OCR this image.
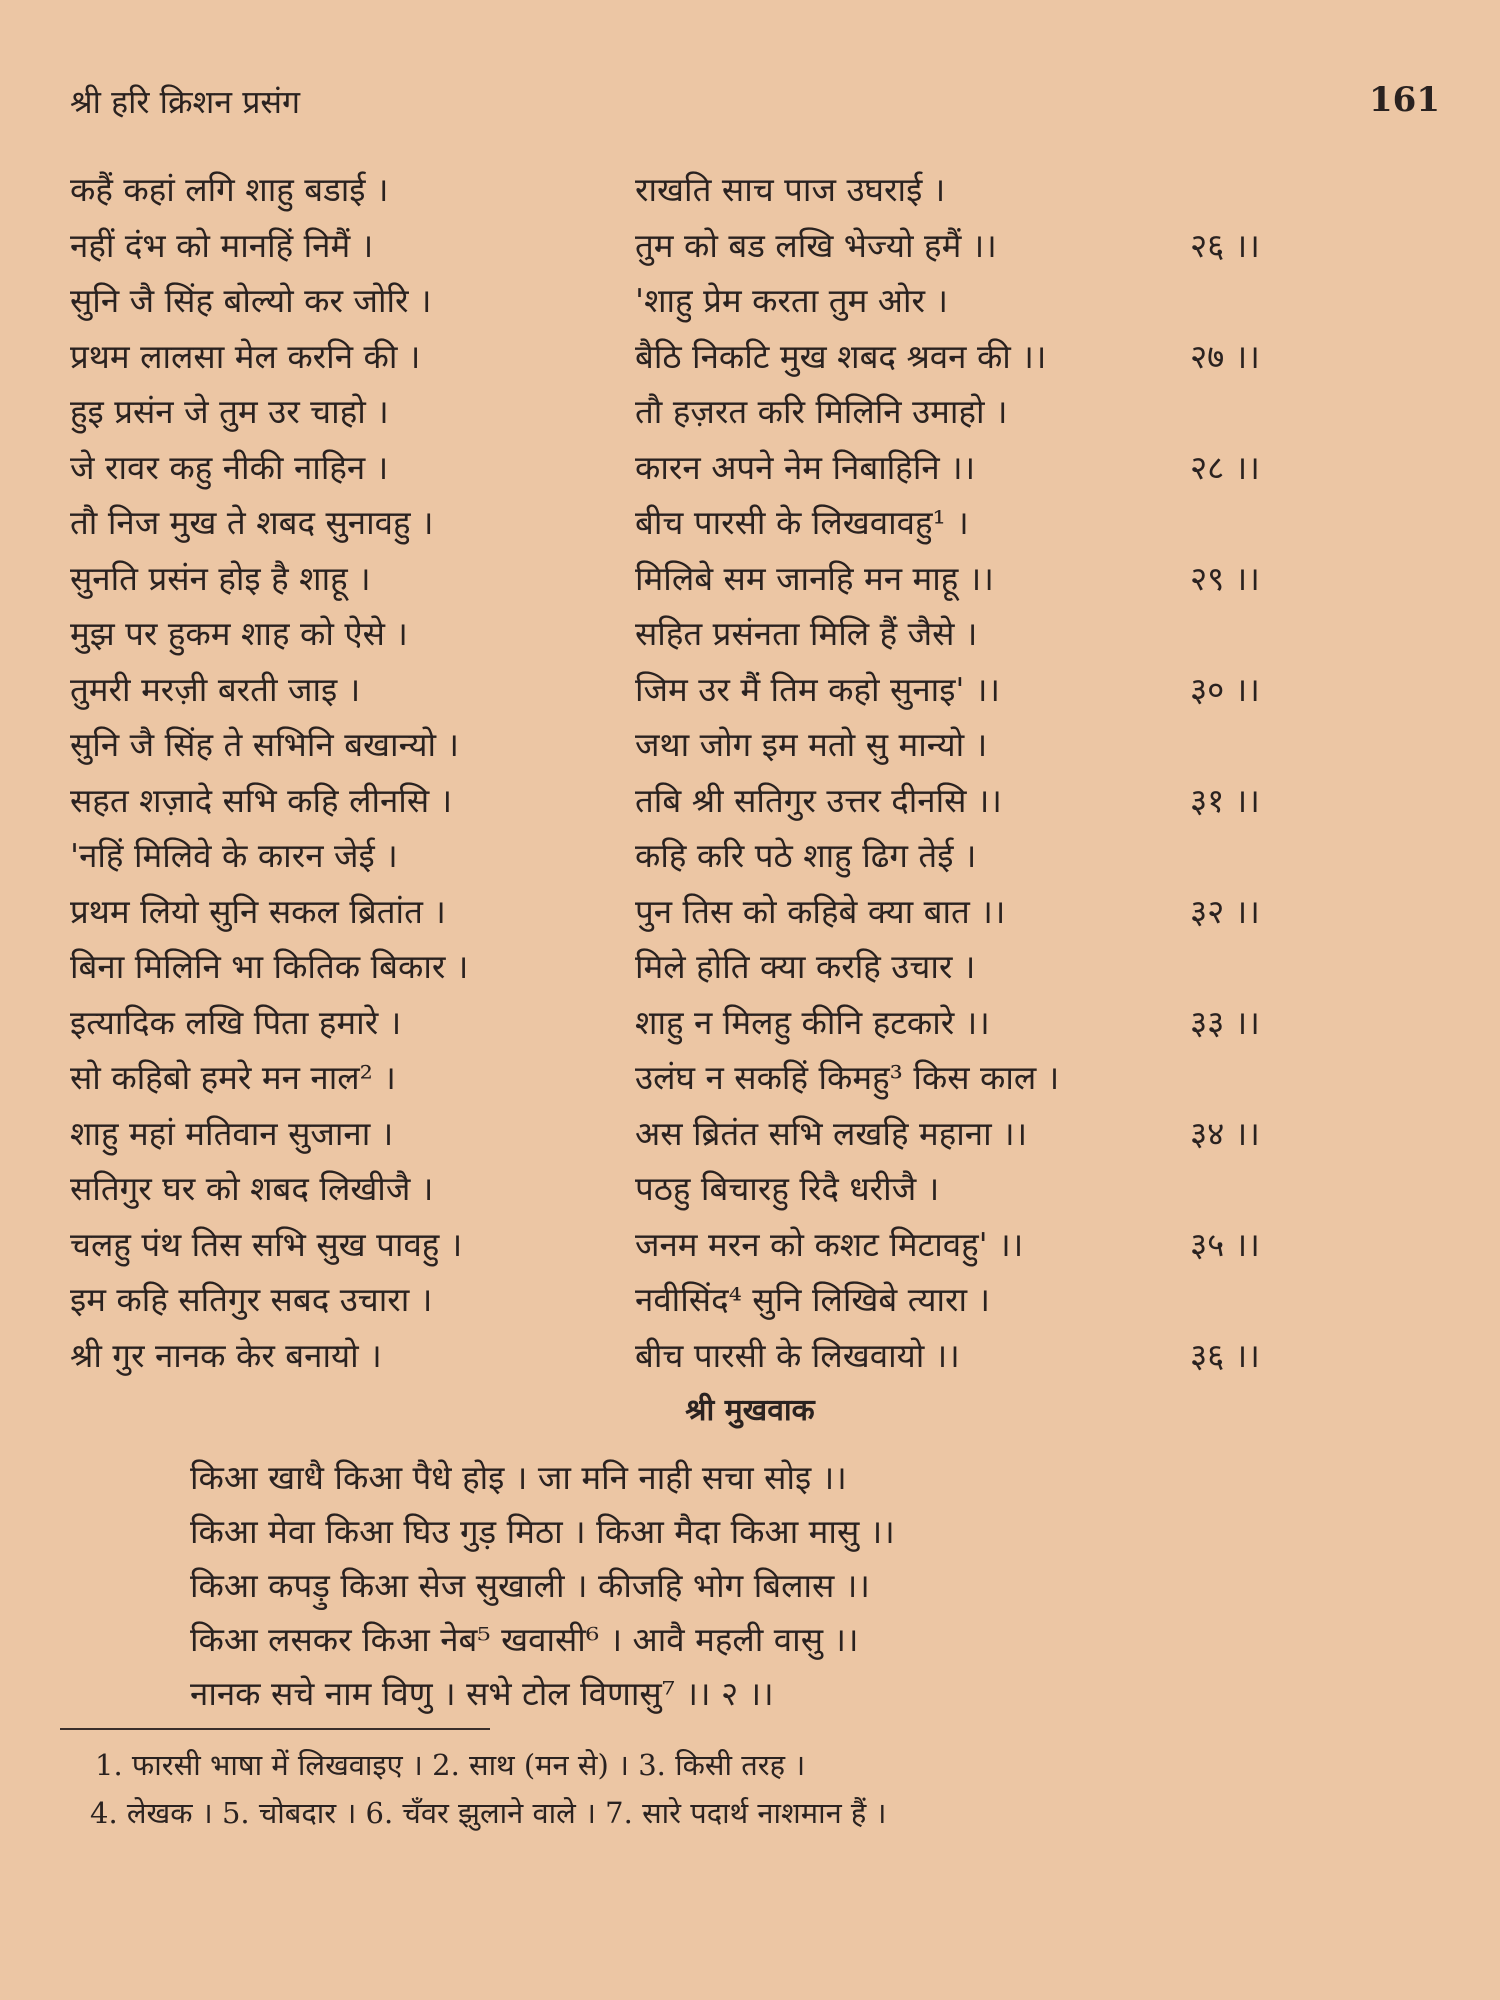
श्री हरि क्रिशन प्रसंग	161
कहैं कहां लगि शाहु बडाई ।	राखति साच पाज उघराई ।
नहीं दंभ को मानहिं निमैं ।	तुम को बड लखि भेज्यो हमैं ।।	२६ ।।
सुनि जै सिंह बोल्यो कर जोरि ।	'शाहु प्रेम करता तुम ओर ।
प्रथम लालसा मेल करनि की ।	बैठि निकटि मुख शबद श्रवन की ।।	२७ ।।
हुइ प्रसंन जे तुम उर चाहो ।	तौ हज़रत करि मिलिनि उमाहो ।
जे रावर कहु नीकी नाहिन ।	कारन अपने नेम निबाहिनि ।।	२८ ।।
तौ निज मुख ते शबद सुनावहु ।	बीच पारसी के लिखवावहु¹ ।
सुनति प्रसंन होइ है शाहू ।	मिलिबे सम जानहि मन माहू ।।	२९ ।।
मुझ पर हुकम शाह को ऐसे ।	सहित प्रसंनता मिलि हैं जैसे ।
तुमरी मरज़ी बरती जाइ ।	जिम उर मैं तिम कहो सुनाइ' ।।	३० ।।
सुनि जै सिंह ते सभिनि बखान्यो ।	जथा जोग इम मतो सु मान्यो ।
सहत शज़ादे सभि कहि लीनसि ।	तबि श्री सतिगुर उत्तर दीनसि ।।	३१ ।।
'नहिं मिलिवे के कारन जेई ।	कहि करि पठे शाहु ढिग तेई ।
प्रथम लियो सुनि सकल ब्रितांत ।	पुन तिस को कहिबे क्या बात ।।	३२ ।।
बिना मिलिनि भा कितिक बिकार ।	मिले होति क्या करहि उचार ।
इत्यादिक लखि पिता हमारे ।	शाहु न मिलहु कीनि हटकारे ।।	३३ ।।
सो कहिबो हमरे मन नाल² ।	उलंघ न सकहिं किमहु³ किस काल ।
शाहु महां मतिवान सुजाना ।	अस ब्रितंत सभि लखहि महाना ।।	३४ ।।
सतिगुर घर को शबद लिखीजै ।	पठहु बिचारहु रिदै धरीजै ।
चलहु पंथ तिस सभि सुख पावहु ।	जनम मरन को कशट मिटावहु' ।।	३५ ।।
इम कहि सतिगुर सबद उचारा ।	नवीसिंद⁴ सुनि लिखिबे त्यारा ।
श्री गुर नानक केर बनायो ।	बीच पारसी के लिखवायो ।।	३६ ।।
श्री मुखवाक
किआ खाधै किआ पैधे होइ । जा मनि नाही सचा सोइ ।।
किआ मेवा किआ घिउ गुड़ मिठा । किआ मैदा किआ मासु ।।
किआ कपड़ु किआ सेज सुखाली । कीजहि भोग बिलास ।।
किआ लसकर किआ नेब⁵ खवासी⁶ । आवै महली वासु ।।
नानक सचे नाम विणु । सभे टोल विणासु⁷ ।। २ ।।
1. फारसी भाषा में लिखवाइए । 2. साथ (मन से) । 3. किसी तरह ।
4. लेखक । 5. चोबदार । 6. चँवर झुलाने वाले । 7. सारे पदार्थ नाशमान हैं ।
